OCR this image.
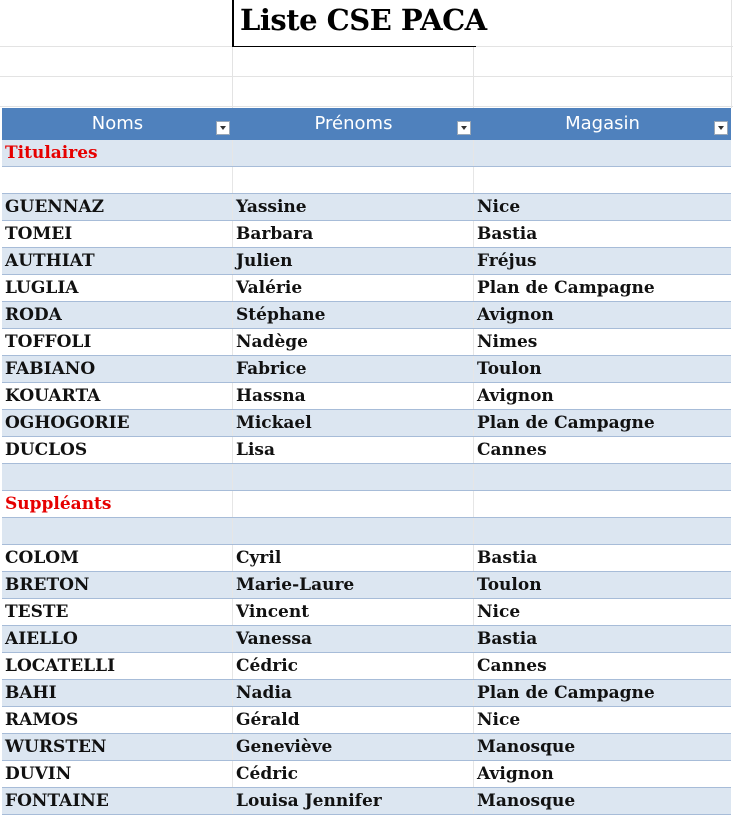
Liste CSE PACA
Noms	Prénoms	Magasin
Titulaires
GUENNAZ	Yassine	Nice
TOMEI	Barbara	Bastia
AUTHIAT	Julien	Fréjus
LUGLIA	Valérie	Plan de Campagne
RODA	Stéphane	Avignon
TOFFOLI	Nadège	Nimes
FABIANO	Fabrice	Toulon
KOUARTA	Hassna	Avignon
OGHOGORIE	Mickael	Plan de Campagne
DUCLOS	Lisa	Cannes
Suppléants
COLOM	Cyril	Bastia
BRETON	Marie-Laure	Toulon
TESTE	Vincent	Nice
AIELLO	Vanessa	Bastia
LOCATELLI	Cédric	Cannes
BAHI	Nadia	Plan de Campagne
RAMOS	Gérald	Nice
WURSTEN	Geneviève	Manosque
DUVIN	Cédric	Avignon
FONTAINE	Louisa Jennifer	Manosque
